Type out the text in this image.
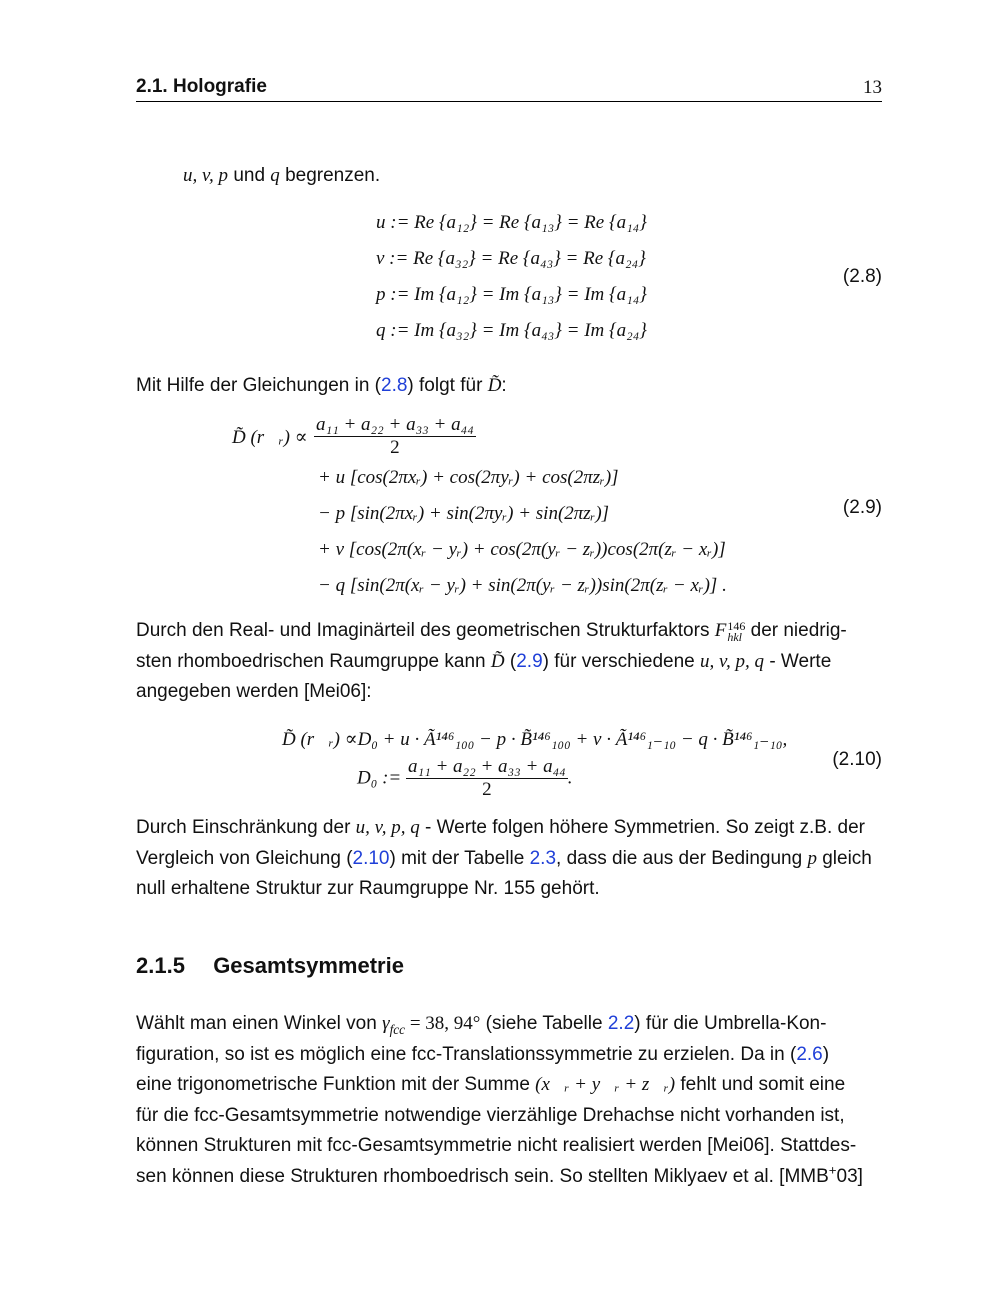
2.1. Holografie	13
u, v, p und q begrenzen.
u := Re {a₁₂} = Re {a₁₃} = Re {a₁₄}
v := Re {a₃₂} = Re {a₄₃} = Re {a₂₄}
p := Im {a₁₂} = Im {a₁₃} = Im {a₁₄}
q := Im {a₃₂} = Im {a₄₃} = Im {a₂₄}
(2.8)
Mit Hilfe der Gleichungen in (2.8) folgt für D̃:
D̃ (r⃗ᵣ) ∝ $\frac{\text{a₁₁ + a₂₂ + a₃₃ + a₄₄}}{2}$
+ u [cos(2πxᵣ) + cos(2πyᵣ) + cos(2πzᵣ)]
− p [sin(2πxᵣ) + sin(2πyᵣ) + sin(2πzᵣ)]
+ v [cos(2π(xᵣ − yᵣ) + cos(2π(yᵣ − zᵣ))cos(2π(zᵣ − xᵣ)]
− q [sin(2π(xᵣ − yᵣ) + sin(2π(yᵣ − zᵣ))sin(2π(zᵣ − xᵣ)] .
(2.9)
Durch den Real- und Imaginärteil des geometrischen Strukturfaktors F 146
hkl der niedrig-
sten rhomboedrischen Raumgruppe kann D̃ (2.9) für verschiedene u, v, p, q - Werte
angegeben werden [Mei06]:
D̃ (r⃗ᵣ) ∝D₀ + u · Ã¹⁴⁶₁₀₀ − p · B̃¹⁴⁶₁₀₀ + v · Ã¹⁴⁶₁₋₁₀ − q · B̃¹⁴⁶₁₋₁₀,
D₀ := $\frac{\text{a₁₁ + a₂₂ + a₃₃ + a₄₄}}{2}$ .
(2.10)
Durch Einschränkung der u, v, p, q - Werte folgen höhere Symmetrien. So zeigt z.B. der
Vergleich von Gleichung (2.10) mit der Tabelle 2.3, dass die aus der Bedingung p gleich
null erhaltene Struktur zur Raumgruppe Nr. 155 gehört.
2.1.5 Gesamtsymmetrie
Wählt man einen Winkel von $\gamma_{fcc} = 38$, 94° (siehe Tabelle 2.2) für die Umbrella-Kon-
figuration, so ist es möglich eine fcc-Translationssymmetrie zu erzielen. Da in (2.6)
eine trigonometrische Funktion mit der Summe (x⃗ᵣ + y⃗ᵣ + z⃗ᵣ) fehlt und somit eine
für die fcc-Gesamtsymmetrie notwendige vierzählige Drehachse nicht vorhanden ist,
können Strukturen mit fcc-Gesamtsymmetrie nicht realisiert werden [Mei06]. Stattdes-
sen können diese Strukturen rhomboedrisch sein. So stellten Miklyaev et al. [MMB+03]
